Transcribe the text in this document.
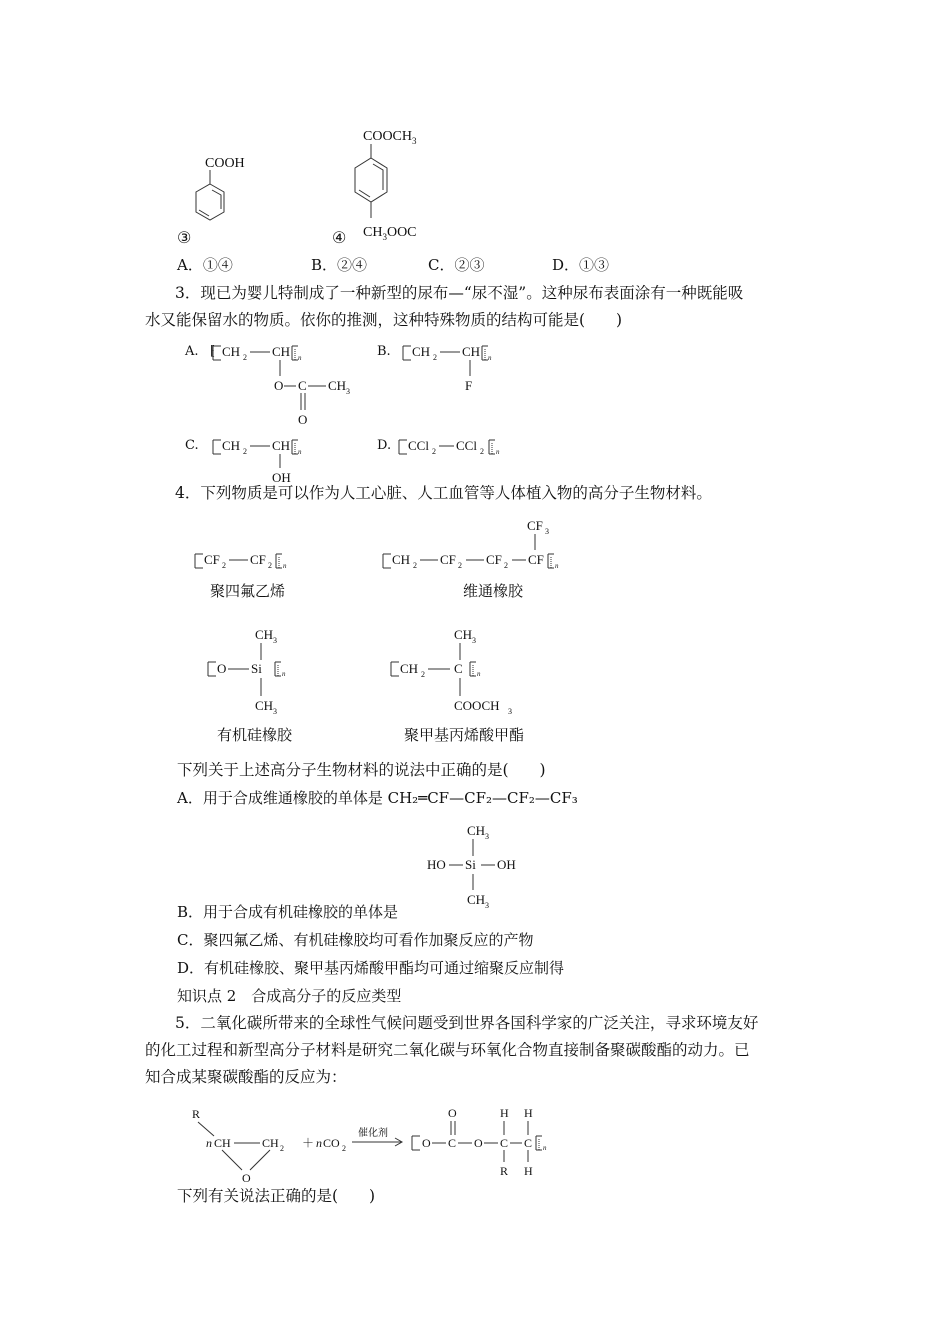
③
COOH
④
$COOCH_3$
$CH_3OOC$
A．①④	B．②④	C．②③	D．①③
3．现已为婴儿特制成了一种新型的尿布—“尿不湿”。这种尿布表面涂有一种既能吸
水又能保留水的物质。依你的推测，这种特殊物质的结构可能是(　　)
A. ⁅ CH 2 CH n
O C CH 3
O
B. CH 2 CH n
F
C. CH 2 CH n
OH
D. CCl 2 CCl 2 n
4．下列物质是可以作为人工心脏、人工血管等人体植入物的高分子生物材料。
CF 2 CF 2 n
聚四氟乙烯
CF 3
CH 2 CF 2 CF 2 CF n
维通橡胶
CH 3
O Si	n
CH 3
有机硅橡胶
CH 3
CH 2 C n
COOCH 3
聚甲基丙烯酸甲酯
下列关于上述高分子生物材料的说法中正确的是(　　)
A．用于合成维通橡胶的单体是 CH₂═CF—CF₂—CF₂—CF₃
CH 3
HO Si OH
CH 3
B．用于合成有机硅橡胶的单体是
C．聚四氟乙烯、有机硅橡胶均可看作加聚反应的产物
D．有机硅橡胶、聚甲基丙烯酸甲酯均可通过缩聚反应制得
知识点 2　合成高分子的反应类型
5．二氧化碳所带来的全球性气候问题受到世界各国科学家的广泛关注，寻求环境友好
的化工过程和新型高分子材料是研究二氧化碳与环氧化合物直接制备聚碳酸酯的动力。已
知合成某聚碳酸酯的反应为：
R
n CH	CH 2
O
＋ n CO 2
催化剂
O C
O
O C
H
R
C
H
H
n
下列有关说法正确的是(　　)
